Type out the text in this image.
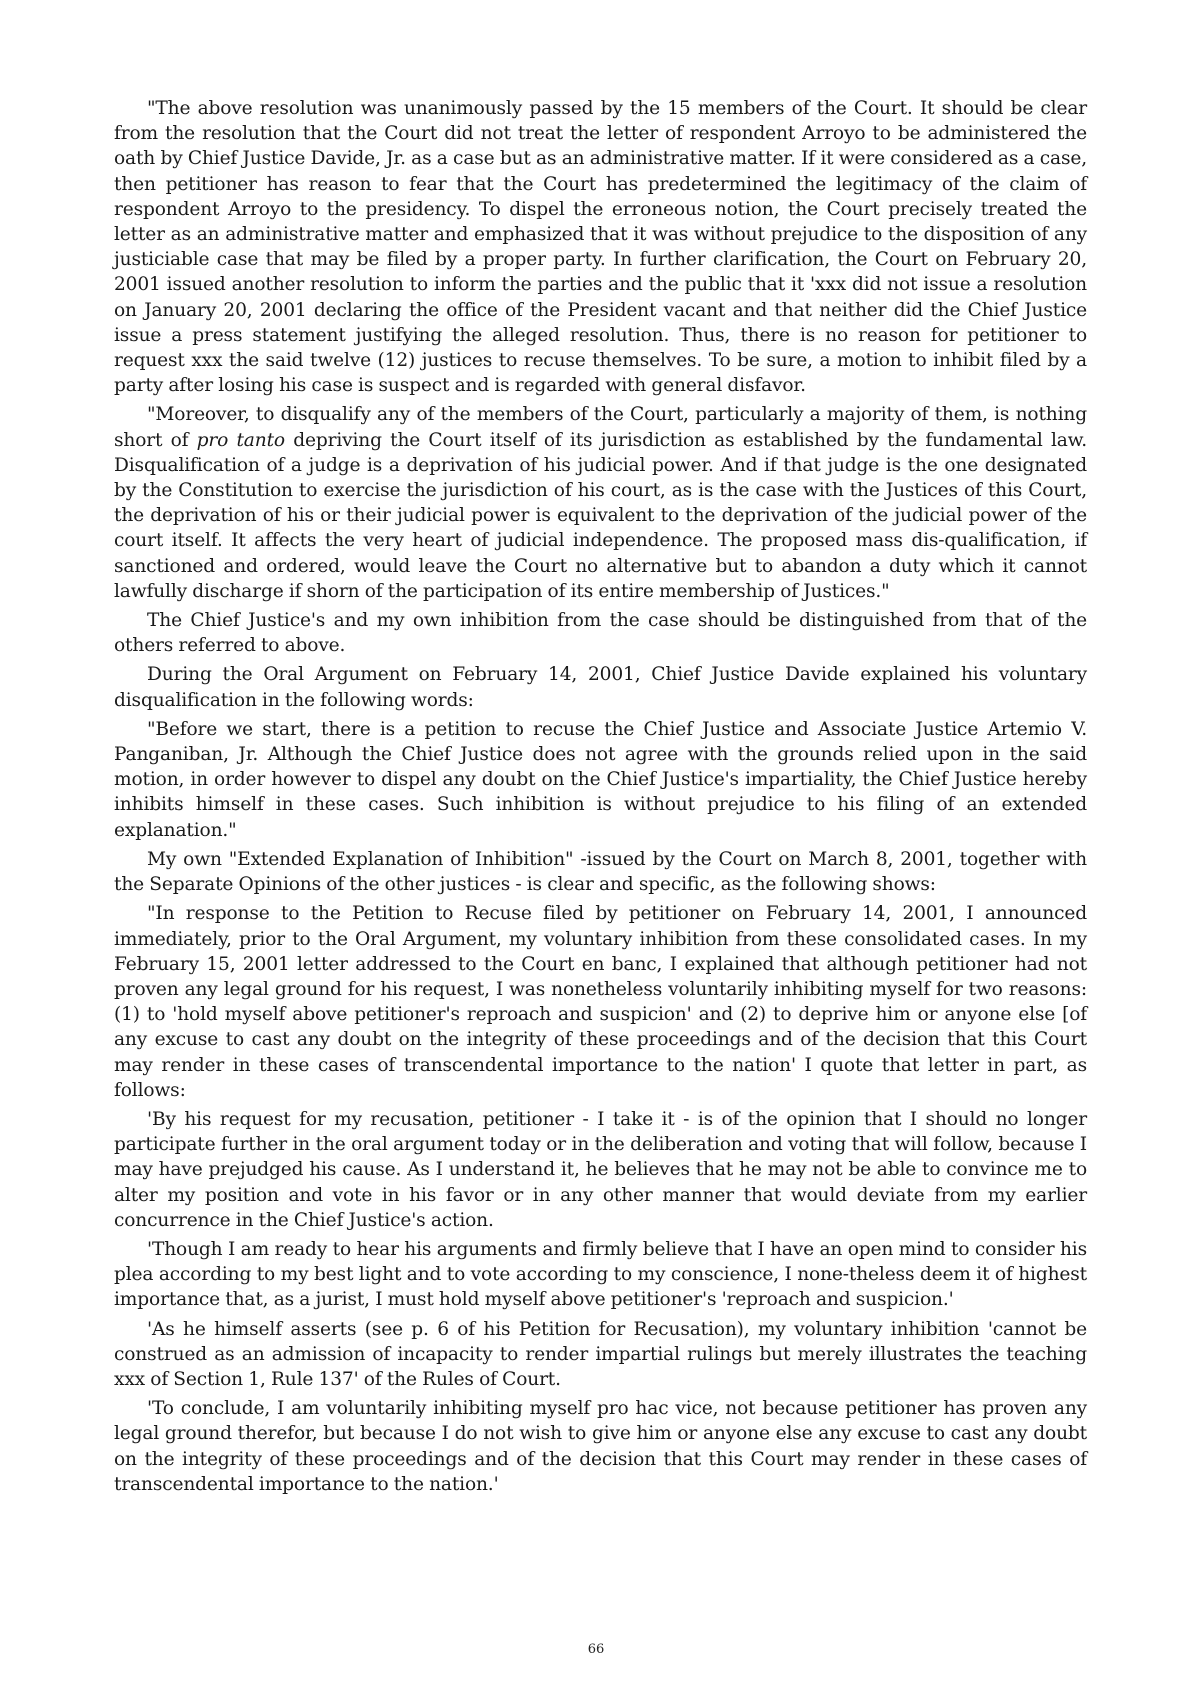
"The above resolution was unanimously passed by the 15 members of the Court. It should be clear from the resolution that the Court did not treat the letter of respondent Arroyo to be administered the oath by Chief Justice Davide, Jr. as a case but as an administrative matter. If it were considered as a case, then petitioner has reason to fear that the Court has predetermined the legitimacy of the claim of respondent Arroyo to the presidency. To dispel the erroneous notion, the Court precisely treated the letter as an administrative matter and emphasized that it was without prejudice to the disposition of any justiciable case that may be filed by a proper party. In further clarification, the Court on February 20, 2001 issued another resolution to inform the parties and the public that it 'xxx did not issue a resolution on January 20, 2001 declaring the office of the President vacant and that neither did the Chief Justice issue a press statement justifying the alleged resolution. Thus, there is no reason for petitioner to request xxx the said twelve (12) justices to recuse themselves. To be sure, a motion to inhibit filed by a party after losing his case is suspect and is regarded with general disfavor.

"Moreover, to disqualify any of the members of the Court, particularly a majority of them, is nothing short of pro tanto depriving the Court itself of its jurisdiction as established by the fundamental law. Disqualification of a judge is a deprivation of his judicial power. And if that judge is the one designated by the Constitution to exercise the jurisdiction of his court, as is the case with the Justices of this Court, the deprivation of his or their judicial power is equivalent to the deprivation of the judicial power of the court itself. It affects the very heart of judicial independence. The proposed mass dis-qualification, if sanctioned and ordered, would leave the Court no alternative but to abandon a duty which it cannot lawfully discharge if shorn of the participation of its entire membership of Justices."

The Chief Justice's and my own inhibition from the case should be distinguished from that of the others referred to above.

During the Oral Argument on February 14, 2001, Chief Justice Davide explained his voluntary disqualification in the following words:

"Before we start, there is a petition to recuse the Chief Justice and Associate Justice Artemio V. Panganiban, Jr. Although the Chief Justice does not agree with the grounds relied upon in the said motion, in order however to dispel any doubt on the Chief Justice's impartiality, the Chief Justice hereby inhibits himself in these cases. Such inhibition is without prejudice to his filing of an extended explanation."

My own "Extended Explanation of Inhibition" -issued by the Court on March 8, 2001, together with the Separate Opinions of the other justices - is clear and specific, as the following shows:

"In response to the Petition to Recuse filed by petitioner on February 14, 2001, I announced immediately, prior to the Oral Argument, my voluntary inhibition from these consolidated cases. In my February 15, 2001 letter addressed to the Court en banc, I explained that although petitioner had not proven any legal ground for his request, I was nonetheless voluntarily inhibiting myself for two reasons: (1) to 'hold myself above petitioner's reproach and suspicion' and (2) to deprive him or anyone else [of any excuse to cast any doubt on the integrity of these proceedings and of the decision that this Court may render in these cases of transcendental importance to the nation' I quote that letter in part, as follows:

'By his request for my recusation, petitioner - I take it - is of the opinion that I should no longer participate further in the oral argument today or in the deliberation and voting that will follow, because I may have prejudged his cause. As I understand it, he believes that he may not be able to convince me to alter my position and vote in his favor or in any other manner that would deviate from my earlier concurrence in the Chief Justice's action.

'Though I am ready to hear his arguments and firmly believe that I have an open mind to consider his plea according to my best light and to vote according to my conscience, I none-theless deem it of highest importance that, as a jurist, I must hold myself above petitioner's 'reproach and suspicion.'

'As he himself asserts (see p. 6 of his Petition for Recusation), my voluntary inhibition 'cannot be construed as an admission of incapacity to render impartial rulings but merely illustrates the teaching xxx of Section 1, Rule 137' of the Rules of Court.

'To conclude, I am voluntarily inhibiting myself pro hac vice, not because petitioner has proven any legal ground therefor, but because I do not wish to give him or anyone else any excuse to cast any doubt on the integrity of these proceedings and of the decision that this Court may render in these cases of transcendental importance to the nation.'

66
